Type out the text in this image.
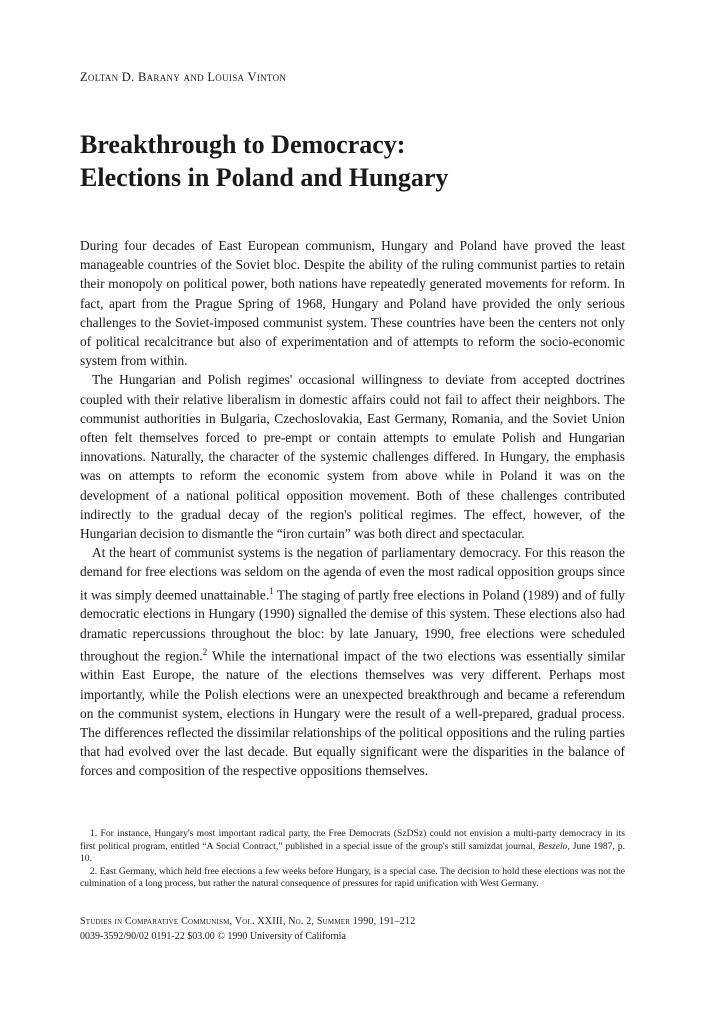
Zoltan D. Barany and Louisa Vinton
Breakthrough to Democracy:
Elections in Poland and Hungary

During four decades of East European communism, Hungary and Poland have proved the least manageable countries of the Soviet bloc. Despite the ability of the ruling communist parties to retain their monopoly on political power, both nations have repeatedly generated movements for reform. In fact, apart from the Prague Spring of 1968, Hungary and Poland have provided the only serious challenges to the Soviet-imposed communist system. These countries have been the centers not only of political recalcitrance but also of experimentation and of attempts to reform the socio-economic system from within.

The Hungarian and Polish regimes' occasional willingness to deviate from accepted doctrines coupled with their relative liberalism in domestic affairs could not fail to affect their neighbors. The communist authorities in Bulgaria, Czechoslovakia, East Germany, Romania, and the Soviet Union often felt themselves forced to pre-empt or contain attempts to emulate Polish and Hungarian innovations. Naturally, the character of the systemic challenges differed. In Hungary, the emphasis was on attempts to reform the economic system from above while in Poland it was on the development of a national political opposition movement. Both of these challenges contributed indirectly to the gradual decay of the region's political regimes. The effect, however, of the Hungarian decision to dismantle the “iron curtain” was both direct and spectacular.

At the heart of communist systems is the negation of parliamentary democracy. For this reason the demand for free elections was seldom on the agenda of even the most radical opposition groups since it was simply deemed unattainable.$^1$ The staging of partly free elections in Poland (1989) and of fully democratic elections in Hungary (1990) signalled the demise of this system. These elections also had dramatic repercussions throughout the bloc: by late January, 1990, free elections were scheduled throughout the region.$^2$ While the international impact of the two elections was essentially similar within East Europe, the nature of the elections themselves was very different. Perhaps most importantly, while the Polish elections were an unexpected breakthrough and became a referendum on the communist system, elections in Hungary were the result of a well-prepared, gradual process. The differences reflected the dissimilar relationships of the political oppositions and the ruling parties that had evolved over the last decade. But equally significant were the disparities in the balance of forces and composition of the respective oppositions themselves.

1. For instance, Hungary's most important radical party, the Free Democrats (SzDSz) could not envision a multi-party democracy in its first political program, entitled “A Social Contract,” published in a special issue of the group's still samizdat journal, Beszelo, June 1987, p. 10.

2. East Germany, which held free elections a few weeks before Hungary, is a special case. The decision to hold these elections was not the culmination of a long process, but rather the natural consequence of pressures for rapid unification with West Germany.

Studies in Comparative Communism, Vol. XXIII, No. 2, Summer 1990, 191–212
0039-3592/90/02 0191-22 $03.00 © 1990 University of California
